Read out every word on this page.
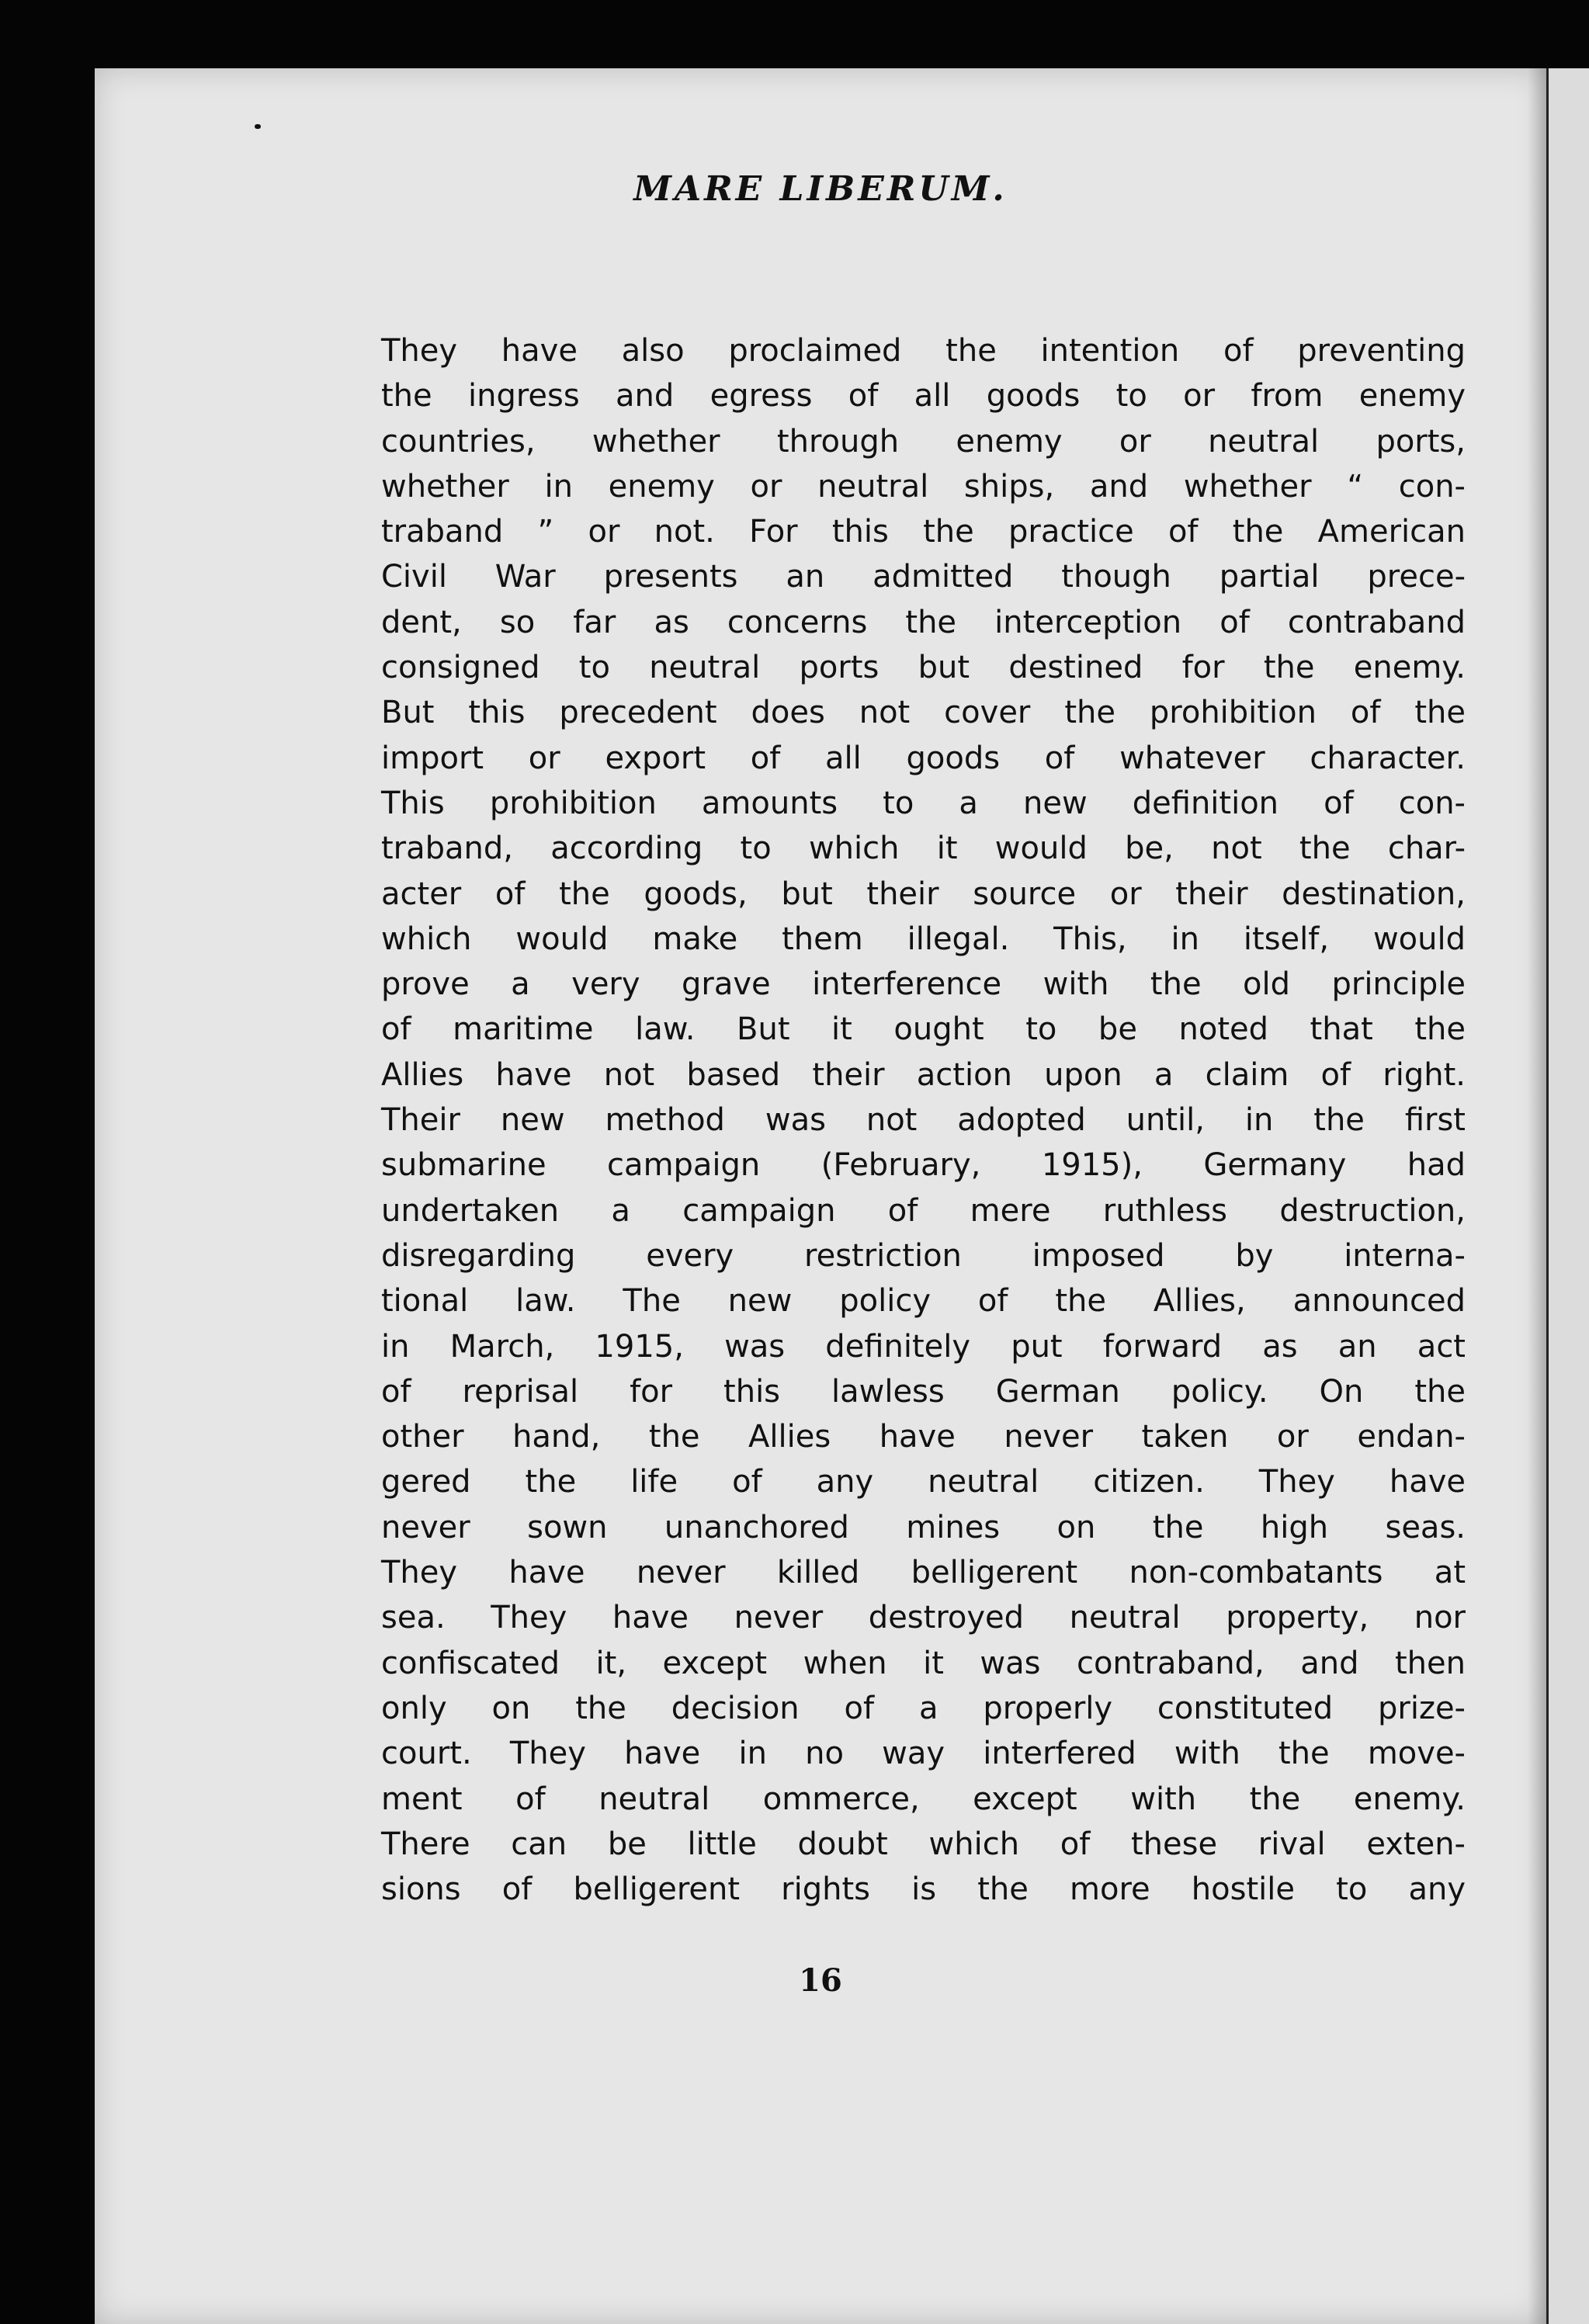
MARE LIBERUM.
They have also proclaimed the intention of preventing
the ingress and egress of all goods to or from enemy
countries, whether through enemy or neutral ports,
whether in enemy or neutral ships, and whether “ con-
traband ” or not. For this the practice of the American
Civil War presents an admitted though partial prece-
dent, so far as concerns the interception of contraband
consigned to neutral ports but destined for the enemy.
But this precedent does not cover the prohibition of the
import or export of all goods of whatever character.
This prohibition amounts to a new definition of con-
traband, according to which it would be, not the char-
acter of the goods, but their source or their destination,
which would make them illegal. This, in itself, would
prove a very grave interference with the old principle
of maritime law. But it ought to be noted that the
Allies have not based their action upon a claim of right.
Their new method was not adopted until, in the first
submarine campaign (February, 1915), Germany had
undertaken a campaign of mere ruthless destruction,
disregarding every restriction imposed by interna-
tional law. The new policy of the Allies, announced
in March, 1915, was definitely put forward as an act
of reprisal for this lawless German policy. On the
other hand, the Allies have never taken or endan-
gered the life of any neutral citizen. They have
never sown unanchored mines on the high seas.
They have never killed belligerent non-combatants at
sea. They have never destroyed neutral property, nor
confiscated it, except when it was contraband, and then
only on the decision of a properly constituted prize-
court. They have in no way interfered with the move-
ment of neutral ommerce, except with the enemy.
There can be little doubt which of these rival exten-
sions of belligerent rights is the more hostile to any
16
